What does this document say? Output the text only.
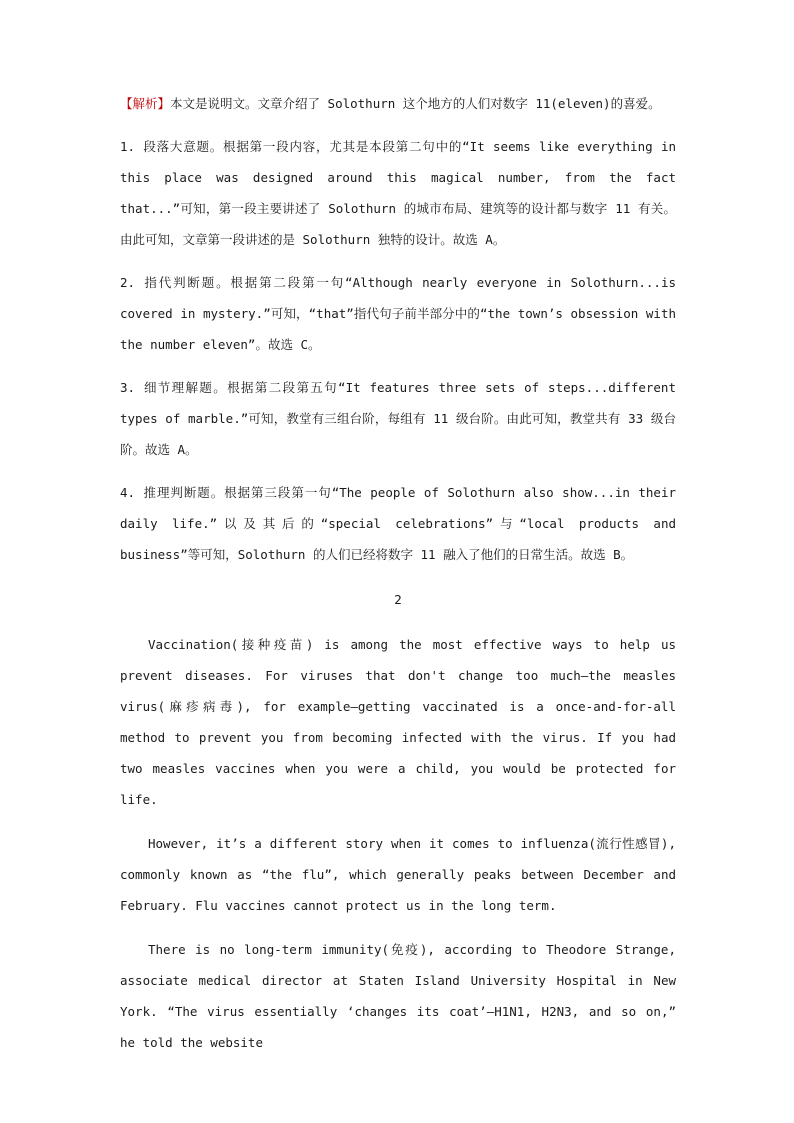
【解析】本文是说明文。文章介绍了 Solothurn 这个地方的人们对数字 11(eleven)的喜爱。

1. 段落大意题。根据第一段内容，尤其是本段第二句中的“It seems like everything in this place was designed around this magical number, from the fact that...”可知，第一段主要讲述了 Solothurn 的城市布局、建筑等的设计都与数字 11 有关。由此可知，文章第一段讲述的是 Solothurn 独特的设计。故选 A。

2. 指代判断题。根据第二段第一句“Although nearly everyone in Solothurn...is covered in mystery.”可知，“that”指代句子前半部分中的“the town’s obsession with the number eleven”。故选 C。

3. 细节理解题。根据第二段第五句“It features three sets of steps...different types of marble.”可知，教堂有三组台阶，每组有 11 级台阶。由此可知，教堂共有 33 级台阶。故选 A。

4. 推理判断题。根据第三段第一句“The people of Solothurn also show...in their daily life.”以及其后的“special celebrations”与“local products and business”等可知，Solothurn 的人们已经将数字 11 融入了他们的日常生活。故选 B。

2

Vaccination(接种疫苗) is among the most effective ways to help us prevent diseases. For viruses that don't change too much—the measles virus(麻疹病毒), for example—getting vaccinated is a once-and-for-all method to prevent you from becoming infected with the virus. If you had two measles vaccines when you were a child, you would be protected for life.

However, it’s a different story when it comes to influenza(流行性感冒), commonly known as “the flu”, which generally peaks between December and February. Flu vaccines cannot protect us in the long term.

There is no long-term immunity(免疫), according to Theodore Strange, associate medical director at Staten Island University Hospital in New York. “The virus essentially ‘changes its coat’—H1N1, H2N3, and so on,” he told the website
